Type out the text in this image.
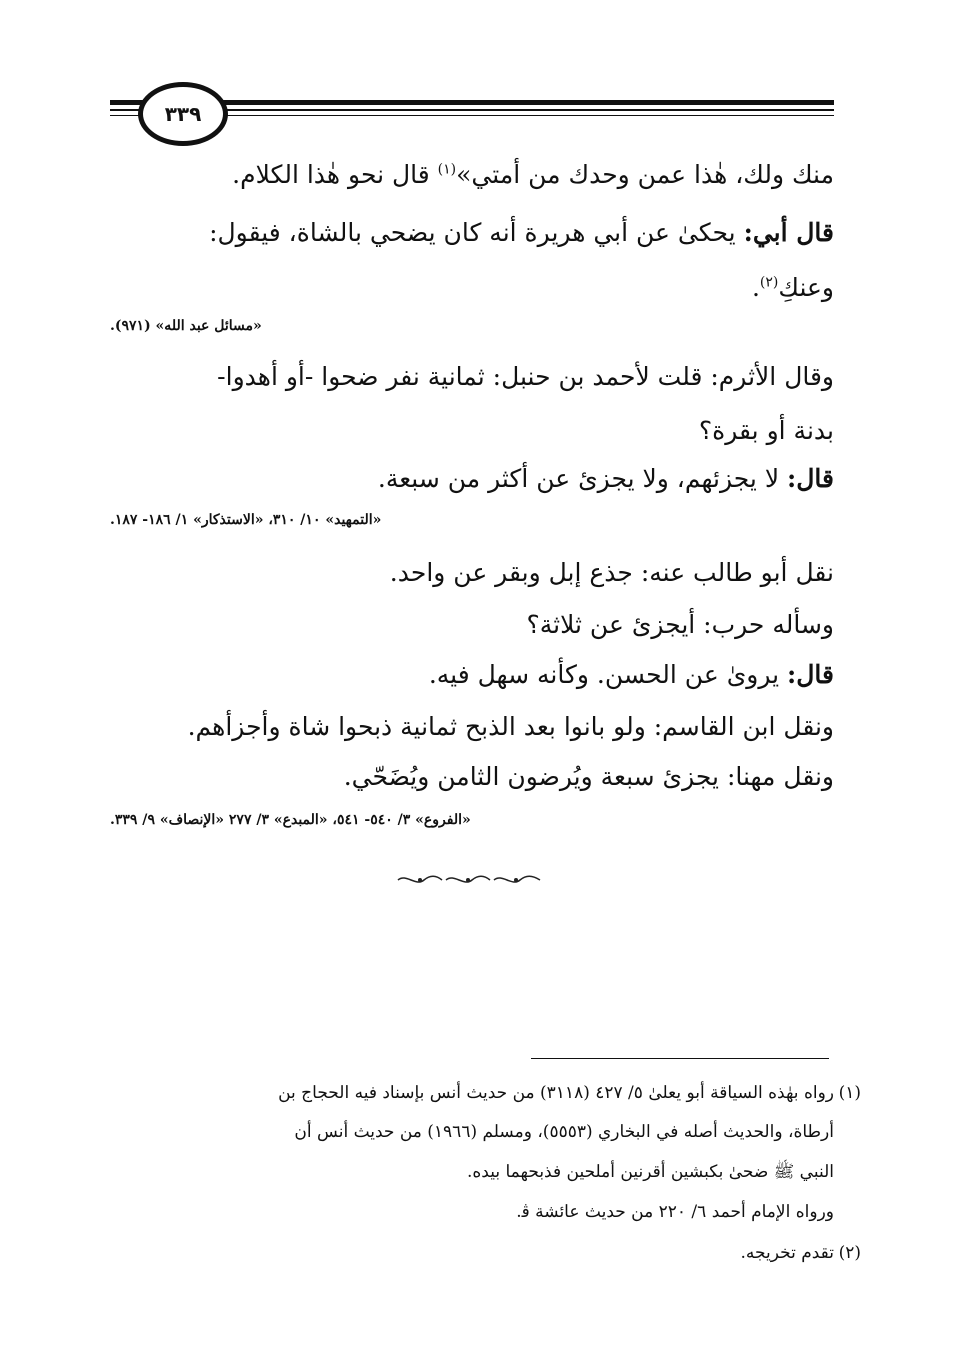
٣٣٩
منك ولك، هٰذا عمن وحدك من أمتي»$^{(١)}$ قال نحو هٰذا الكلام.
قال أبي: يحكىٰ عن أبي هريرة أنه كان يضحي بالشاة، فيقول:
وعنكِ$^{(٢)}$.
«مسائل عبد الله» (٩٧١).
وقال الأثرم: قلت لأحمد بن حنبل: ثمانية نفر ضحوا -أو أهدوا-
بدنة أو بقرة؟
قال: لا يجزئهم، ولا يجزئ عن أكثر من سبعة.
«التمهيد» ١٠/ ٣١٠، «الاستذكار» ١/ ١٨٦- ١٨٧.
نقل أبو طالب عنه: جذع إبل وبقر عن واحد.
وسأله حرب: أيجزئ عن ثلاثة؟
قال: يروىٰ عن الحسن. وكأنه سهل فيه.
ونقل ابن القاسم: ولو بانوا بعد الذبح ثمانية ذبحوا شاة وأجزأهم.
ونقل مهنا: يجزئ سبعة ويُرضون الثامن ويُضَحّي.
«الفروع» ٣/ ٥٤٠- ٥٤١، «المبدع» ٣/ ٢٧٧ «الإنصاف» ٩/ ٣٣٩.
(١)
رواه بهٰذه السياقة أبو يعلىٰ ٥/ ٤٢٧ (٣١١٨) من حديث أنس بإسناد فيه الحجاج بن
أرطاة، والحديث أصله في البخاري (٥٥٥٣)، ومسلم (١٩٦٦) من حديث أنس أن
النبي ﷺ ضحىٰ بكبشين أقرنين أملحين فذبحهما بيده.
ورواه الإمام أحمد ٦/ ٢٢٠ من حديث عائشة ﭬ.
(٢)
تقدم تخريجه.
